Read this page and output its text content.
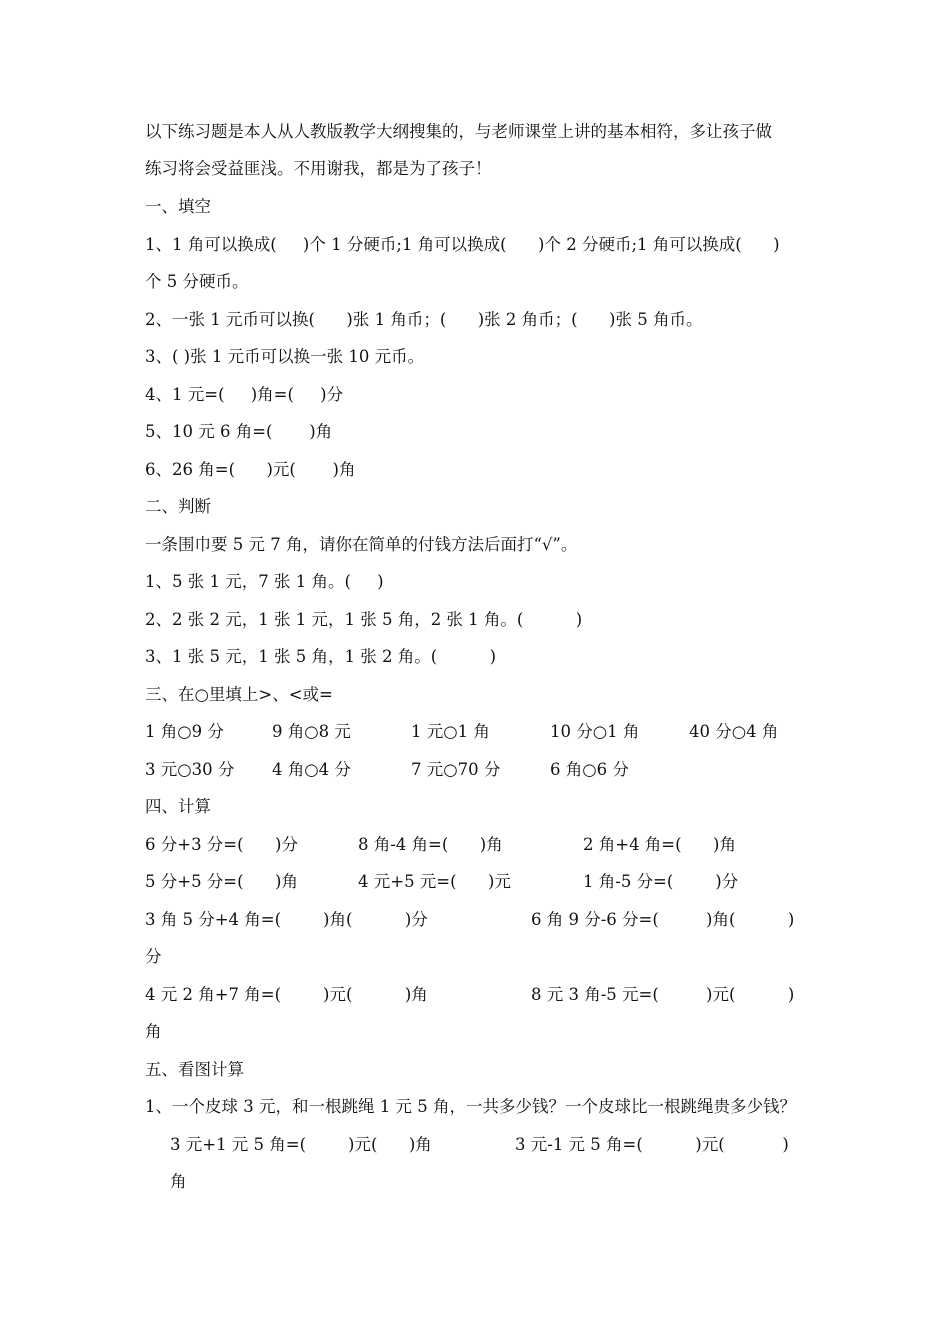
以下练习题是本人从人教版教学大纲搜集的，与老师课堂上讲的基本相符，多让孩子做
练习将会受益匪浅。不用谢我，都是为了孩子！
一、填空
1、1 角可以换成(     )个 1 分硬币;1 角可以换成(      )个 2 分硬币;1 角可以换成(      )
个 5 分硬币。
2、一张 1 元币可以换(      )张 1 角币；(      )张 2 角币；(      )张 5 角币。
3、( )张 1 元币可以换一张 10 元币。
4、1 元=(     )角=(     )分
5、10 元 6 角=(       )角
6、26 角=(      )元(       )角
二、判断
一条围巾要 5 元 7 角，请你在简单的付钱方法后面打“√”。
1、5 张 1 元，7 张 1 角。(     )
2、2 张 2 元，1 张 1 元，1 张 5 角，2 张 1 角。(          )
3、1 张 5 元，1 张 5 角，1 张 2 角。(          )
三、在○里填上>、<或=
1 角○9 分	9 角○8 元	1 元○1 角	10 分○1 角	40 分○4 角
3 元○30 分 4 角○4 分	7 元○70 分	6 角○6 分
四、计算
6 分+3 分=(      )分	8 角-4 角=(      )角	2 角+4 角=(      )角
5 分+5 分=(      )角	4 元+5 元=(      )元	1 角-5 分=(        )分
3 角 5 分+4 角=(        )角(          )分	6 角 9 分-6 分=(         )角(          )
分
4 元 2 角+7 角=(        )元(          )角	8 元 3 角-5 元=(         )元(          )
角
五、看图计算
1、一个皮球 3 元，和一根跳绳 1 元 5 角，一共多少钱？一个皮球比一根跳绳贵多少钱？
3 元+1 元 5 角=(        )元(      )角	3 元-1 元 5 角=(          )元(           )
角
